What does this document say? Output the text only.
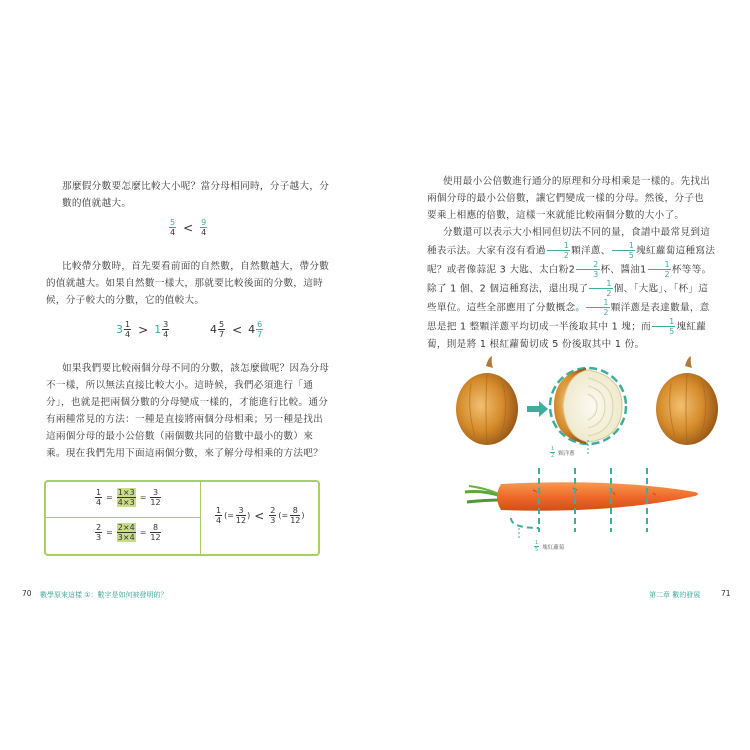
那麼假分數要怎麼比較大小呢？當分母相同時，分子越大，分數的值就越大。

$\frac{5}{4} < \frac{9}{4}$

比較帶分數時，首先要看前面的自然數，自然數越大，帶分數的值就越大。如果自然數一樣大，那就要比較後面的分數，這時候，分子較大的分數，它的值較大。

$3 \frac{1}{4} > 1 \frac{3}{4}$	$4 \frac{5}{7} < 4 \frac{6}{7}$

如果我們要比較兩個分母不同的分數，該怎麼做呢？因為分母不一樣，所以無法直接比較大小。這時候，我們必須進行「通分」，也就是把兩個分數的分母變成一樣的，才能進行比較。通分有兩種常見的方法：一種是直接將兩個分母相乘；另一種是找出這兩個分母的最小公倍數（兩個數共同的倍數中最小的數）來乘。現在我們先用下面這兩個分數，來了解分母相乘的方法吧？

$\frac{1}{4} = \frac{1\times 3}{4\times 3} = \frac{3}{12}$
$\frac{2}{3} = \frac{2\times 4}{3\times 4} = \frac{8}{12}$
$\frac{1}{4}$ (= $\frac{3}{12}$ ) < $\frac{2}{3}$ (= $\frac{8}{12}$ )
70 數學原來這樣 ①：數字是如何被發明的？

使用最小公倍數進行通分的原理和分母相乘是一樣的。先找出兩個分母的最小公倍數，讓它們變成一樣的分母。然後，分子也要乘上相應的倍數，這樣一來就能比較兩個分數的大小了。

分數還可以表示大小相同但切法不同的量，食譜中最常見到這種表示法。大家有沒有看過 $\frac{1}{2}$ 顆洋蔥、 $\frac{1}{5}$ 塊紅蘿蔔這種寫法呢？或者像蒜泥 3 大匙、太白粉$2 \frac{2}{3}$ 杯、醬油$1 \frac{1}{2}$ 杯等等。除了 1 個、2 個這種寫法，還出現了 $\frac{1}{2}$ 個、「大匙」、「杯」這些單位。這些全部應用了分數概念。 $\frac{1}{2}$ 顆洋蔥是表達數量，意思是把 1 整顆洋蔥平均切成一半後取其中 1 塊；而 $\frac{1}{5}$ 塊紅蘿蔔，則是將 1 根紅蘿蔔切成 5 份後取其中 1 份。

$\frac{1}{2}$ 顆洋蔥
$\frac{1}{5}$ 塊紅蘿蔔
第二章 數的發展	71
